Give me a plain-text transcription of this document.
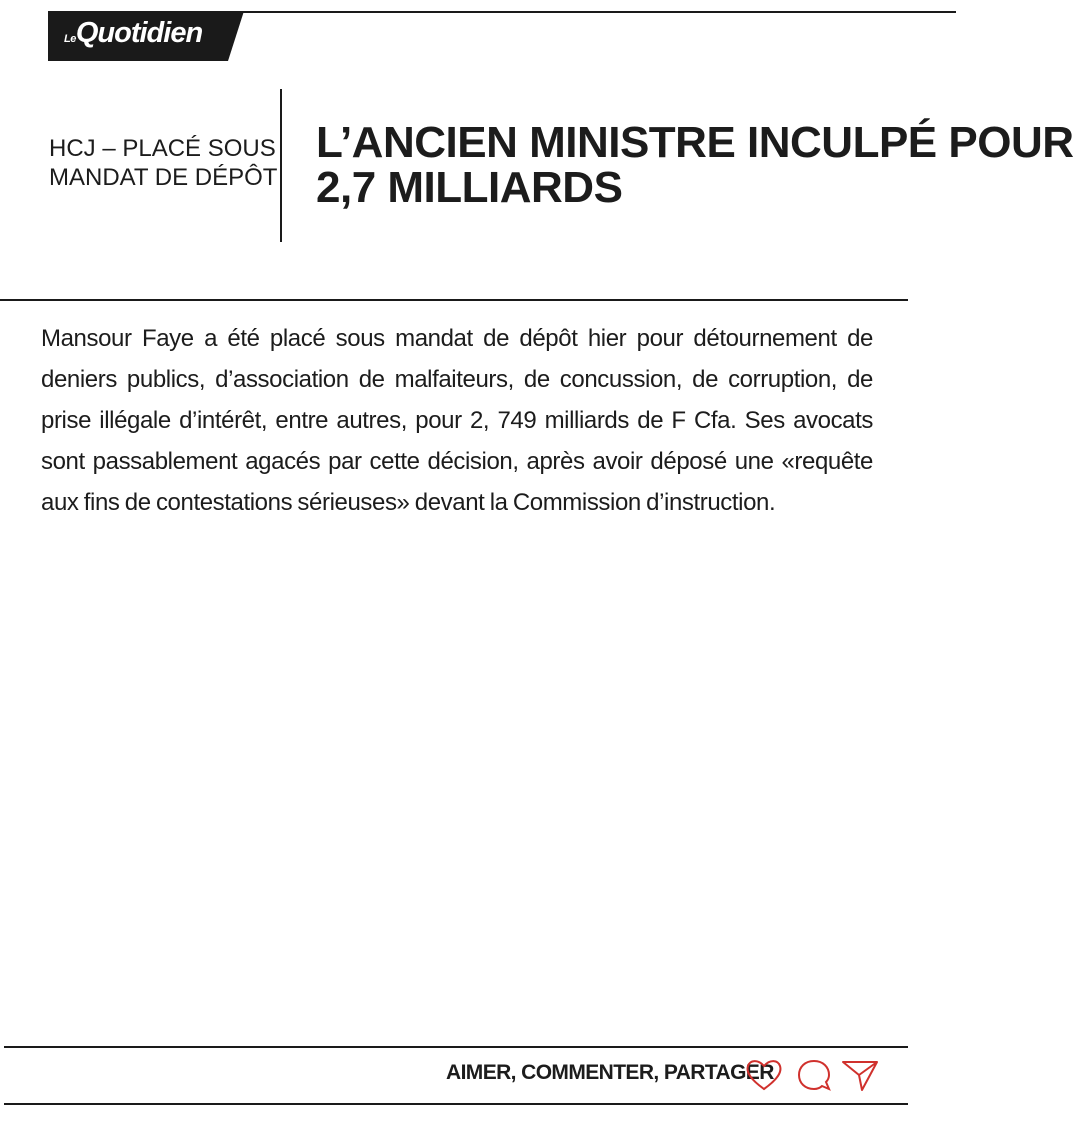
LeQuotidien
HCJ – PLACÉ SOUS
MANDAT DE DÉPÔT
L’ANCIEN MINISTRE INCULPÉ POUR
2,7 MILLIARDS

Mansour Faye a été placé sous mandat de dépôt hier pour détournement de deniers publics, d’association de malfaiteurs, de concussion, de corruption, de prise illégale d’intérêt, entre autres, pour 2, 749 milliards de F Cfa. Ses avocats sont passablement agacés par cette décision, après avoir déposé une «requête aux fins de contestations sérieuses» devant la Commission d’instruction.

AIMER, COMMENTER, PARTAGER
